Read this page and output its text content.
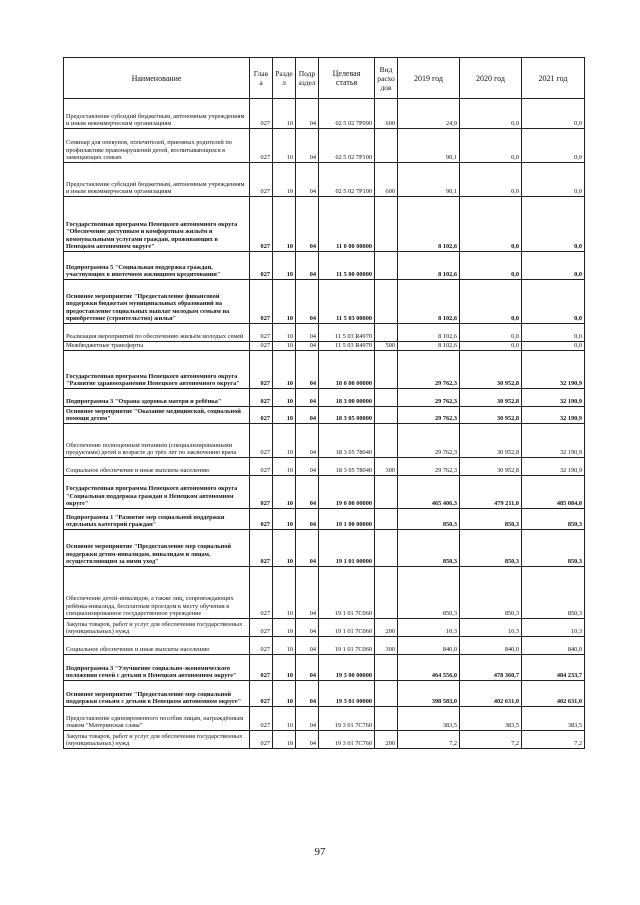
Наименование	Глав а	Разде л	Подр аздел	Целевая статья	Вид расхо дов	2019 год	2020 год	2021 год
Предоставление субсидий бюджетным, автономным учреждениям и иным некоммерческим организациям	027	10	04	02 5 02 7Р090	600	24,9	0,0	0,0
Семинар для опекунов, попечителей, приемных родителей по профилактике правонарушений детей, воспитывающихся в замещающих семьях	027	10	04	02 5 02 7Р100		90,1	0,0	0,0
Предоставление субсидий бюджетным, автономным учреждениям и иным некоммерческим организациям	027	10	04	02 5 02 7Р100	600	90,1	0,0	0,0
Государственная программа Ненецкого автономного округа "Обеспечение доступным и комфортным жильём и коммунальными услугами граждан, проживающих в Ненецком автономном округе"	027	10	04	11 0 00 00000		8 102,6	0,0	0,0
Подпрограмма 5 "Социальная поддержка граждан, участвующих в ипотечном жилищном кредитовании"	027	10	04	11 5 00 00000		8 102,6	0,0	0,0
Основное мероприятие "Предоставление финансовой поддержки бюджетам муниципальных образований на предоставление социальных выплат молодым семьям на приобретение (строительство) жилья"	027	10	04	11 5 03 00000		8 102,6	0,0	0,0
Реализация мероприятий по обеспечению жильём молодых семей	027	10	04	11 5 03 R4970		8 102,6	0,0	0,0
Межбюджетные трансферты	027	10	04	11 5 03 R4970	500	8 102,6	0,0	0,0
Государственная программа Ненецкого автономного округа "Развитие здравоохранения Ненецкого автономного округа"	027	10	04	18 0 00 00000		29 762,3	30 952,8	32 190,9
Подпрограмма 3 "Охрана здоровья матери и ребёнка"	027	10	04	18 3 00 00000		29 762,3	30 952,8	32 190,9
Основное мероприятие "Оказание медицинской, социальной помощи детям"	027	10	04	18 3 05 00000		29 762,3	30 952,8	32 190,9
Обеспечение полноценным питанием (специализированными продуктами) детей в возрасте до трёх лет по заключению врача	027	10	04	18 3 05 78040		29 762,3	30 952,8	32 190,9
Социальное обеспечение и иные выплаты населению	027	10	04	18 3 05 78040	300	29 762,3	30 952,8	32 190,9
Государственная программа Ненецкого автономного округа "Социальная поддержка граждан в Ненецком автономном округе"	027	10	04	19 0 00 00000		465 406,3	479 211,0	485 084,0
Подпрограмма 1 "Развитие мер социальной поддержки отдельных категорий граждан"	027	10	04	19 1 00 00000		850,3	850,3	850,3
Основное мероприятие "Предоставление мер социальной поддержки детям-инвалидам, инвалидам и лицам, осуществляющим за ними уход"	027	10	04	19 1 01 00000		850,3	850,3	850,3
Обеспечение детей-инвалидов, а также лиц, сопровождающих ребёнка-инвалида, бесплатным проездом к месту обучения в специализированное государственное учреждение	027	10	04	19 1 01 7С060		850,3	850,3	850,3
Закупка товаров, работ и услуг для обеспечения государственных (муниципальных) нужд	027	10	04	19 1 01 7С060	200	10,3	10,3	10,3
Социальное обеспечение и иные выплаты населению	027	10	04	19 1 01 7С060	300	840,0	840,0	840,0
Подпрограмма 3 "Улучшение социально-экономического положения семей с детьми в Ненецком автономном округе"	027	10	04	19 3 00 00000		464 556,0	478 360,7	484 233,7
Основное мероприятие "Предоставление мер социальной поддержки семьям с детьми в Ненецком автономном округе"	027	10	04	19 3 01 00000		398 583,0	402 631,0	402 631,0
Предоставление единовременного пособия лицам, награждённым знаком "Материнская слава"	027	10	04	19 3 01 7С760		383,5	383,5	383,5
Закупка товаров, работ и услуг для обеспечения государственных (муниципальных) нужд	027	10	04	19 3 01 7С760	200	7,2	7,2	7,2
97
